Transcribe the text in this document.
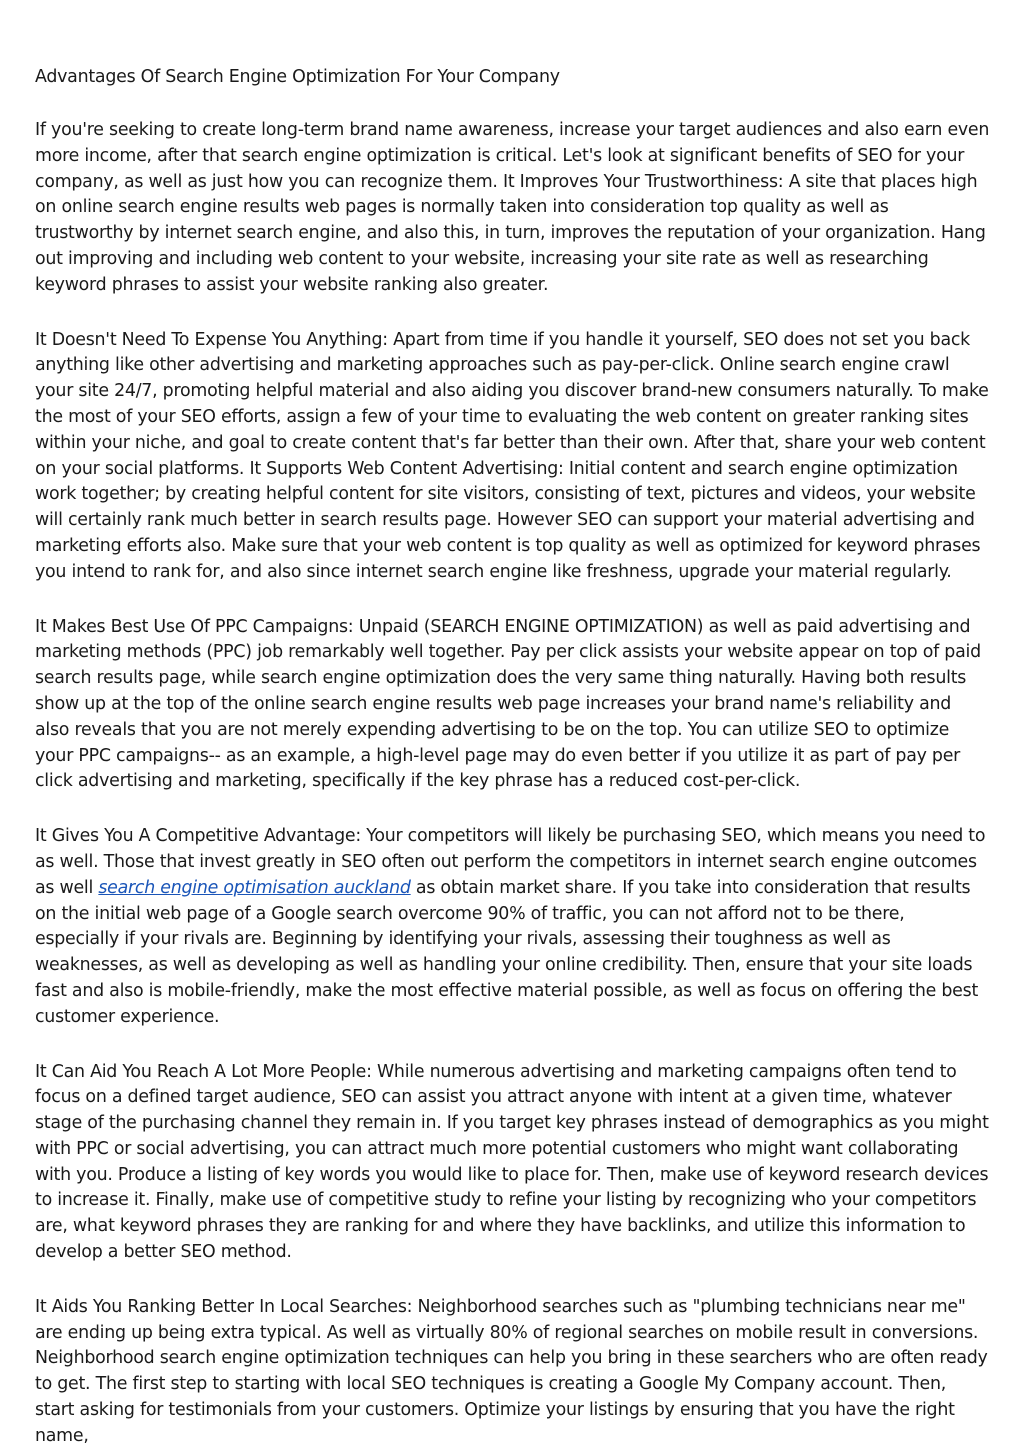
Advantages Of Search Engine Optimization For Your Company

If you're seeking to create long-term brand name awareness, increase your target audiences and also earn even more income, after that search engine optimization is critical. Let's look at significant benefits of SEO for your company, as well as just how you can recognize them. It Improves Your Trustworthiness: A site that places high on online search engine results web pages is normally taken into consideration top quality as well as trustworthy by internet search engine, and also this, in turn, improves the reputation of your organization. Hang out improving and including web content to your website, increasing your site rate as well as researching keyword phrases to assist your website ranking also greater.

It Doesn't Need To Expense You Anything: Apart from time if you handle it yourself, SEO does not set you back anything like other advertising and marketing approaches such as pay-per-click. Online search engine crawl your site 24/7, promoting helpful material and also aiding you discover brand-new consumers naturally. To make the most of your SEO efforts, assign a few of your time to evaluating the web content on greater ranking sites within your niche, and goal to create content that's far better than their own. After that, share your web content on your social platforms. It Supports Web Content Advertising: Initial content and search engine optimization work together; by creating helpful content for site visitors, consisting of text, pictures and videos, your website will certainly rank much better in search results page. However SEO can support your material advertising and marketing efforts also. Make sure that your web content is top quality as well as optimized for keyword phrases you intend to rank for, and also since internet search engine like freshness, upgrade your material regularly.

It Makes Best Use Of PPC Campaigns: Unpaid (SEARCH ENGINE OPTIMIZATION) as well as paid advertising and marketing methods (PPC) job remarkably well together. Pay per click assists your website appear on top of paid search results page, while search engine optimization does the very same thing naturally. Having both results show up at the top of the online search engine results web page increases your brand name's reliability and also reveals that you are not merely expending advertising to be on the top. You can utilize SEO to optimize your PPC campaigns-- as an example, a high-level page may do even better if you utilize it as part of pay per click advertising and marketing, specifically if the key phrase has a reduced cost-per-click.

It Gives You A Competitive Advantage: Your competitors will likely be purchasing SEO, which means you need to as well. Those that invest greatly in SEO often out perform the competitors in internet search engine outcomes as well search engine optimisation auckland as obtain market share. If you take into consideration that results on the initial web page of a Google search overcome 90% of traffic, you can not afford not to be there, especially if your rivals are. Beginning by identifying your rivals, assessing their toughness as well as weaknesses, as well as developing as well as handling your online credibility. Then, ensure that your site loads fast and also is mobile-friendly, make the most effective material possible, as well as focus on offering the best customer experience.

It Can Aid You Reach A Lot More People: While numerous advertising and marketing campaigns often tend to focus on a defined target audience, SEO can assist you attract anyone with intent at a given time, whatever stage of the purchasing channel they remain in. If you target key phrases instead of demographics as you might with PPC or social advertising, you can attract much more potential customers who might want collaborating with you. Produce a listing of key words you would like to place for. Then, make use of keyword research devices to increase it. Finally, make use of competitive study to refine your listing by recognizing who your competitors are, what keyword phrases they are ranking for and where they have backlinks, and utilize this information to develop a better SEO method.

It Aids You Ranking Better In Local Searches: Neighborhood searches such as "plumbing technicians near me" are ending up being extra typical. As well as virtually 80% of regional searches on mobile result in conversions. Neighborhood search engine optimization techniques can help you bring in these searchers who are often ready to get. The first step to starting with local SEO techniques is creating a Google My Company account. Then, start asking for testimonials from your customers. Optimize your listings by ensuring that you have the right name,
